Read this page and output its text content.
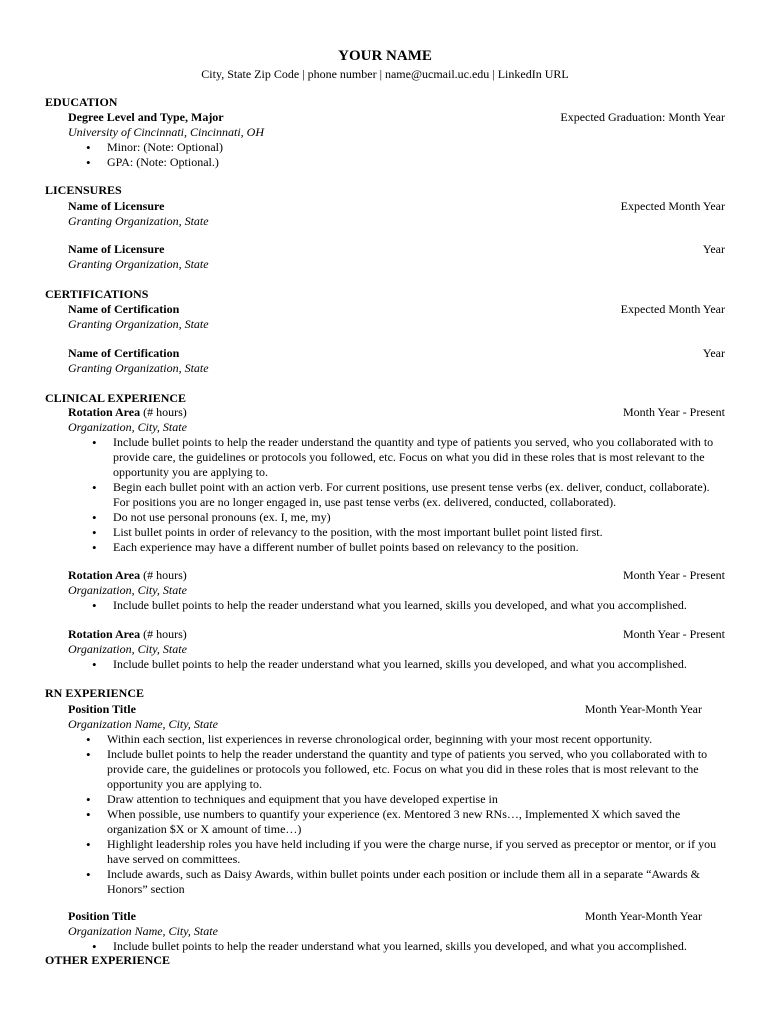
YOUR NAME
City, State Zip Code | phone number | name@ucmail.uc.edu | LinkedIn URL
EDUCATION
Degree Level and Type, Major	Expected Graduation: Month Year
University of Cincinnati, Cincinnati, OH
• Minor: (Note: Optional)
• GPA: (Note: Optional.)
LICENSURES
Name of Licensure	Expected Month Year
Granting Organization, State
Name of Licensure	Year
Granting Organization, State
CERTIFICATIONS
Name of Certification	Expected Month Year
Granting Organization, State
Name of Certification	Year
Granting Organization, State
CLINICAL EXPERIENCE
Rotation Area (# hours)	Month Year - Present
Organization, City, State
• Include bullet points to help the reader understand the quantity and type of patients you served, who you collaborated with to provide care, the guidelines or protocols you followed, etc. Focus on what you did in these roles that is most relevant to the opportunity you are applying to.
• Begin each bullet point with an action verb. For current positions, use present tense verbs (ex. deliver, conduct, collaborate). For positions you are no longer engaged in, use past tense verbs (ex. delivered, conducted, collaborated).
• Do not use personal pronouns (ex. I, me, my)
• List bullet points in order of relevancy to the position, with the most important bullet point listed first.
• Each experience may have a different number of bullet points based on relevancy to the position.
Rotation Area (# hours)	Month Year - Present
Organization, City, State
• Include bullet points to help the reader understand what you learned, skills you developed, and what you accomplished.
Rotation Area (# hours)	Month Year - Present
Organization, City, State
• Include bullet points to help the reader understand what you learned, skills you developed, and what you accomplished.
RN EXPERIENCE
Position Title	Month Year-Month Year
Organization Name, City, State
• Within each section, list experiences in reverse chronological order, beginning with your most recent opportunity.
• Include bullet points to help the reader understand the quantity and type of patients you served, who you collaborated with to provide care, the guidelines or protocols you followed, etc. Focus on what you did in these roles that is most relevant to the opportunity you are applying to.
• Draw attention to techniques and equipment that you have developed expertise in
• When possible, use numbers to quantify your experience (ex. Mentored 3 new RNs…, Implemented X which saved the organization $X or X amount of time…)
• Highlight leadership roles you have held including if you were the charge nurse, if you served as preceptor or mentor, or if you have served on committees.
• Include awards, such as Daisy Awards, within bullet points under each position or include them all in a separate “Awards & Honors” section
Position Title	Month Year-Month Year
Organization Name, City, State
• Include bullet points to help the reader understand what you learned, skills you developed, and what you accomplished.
OTHER EXPERIENCE
